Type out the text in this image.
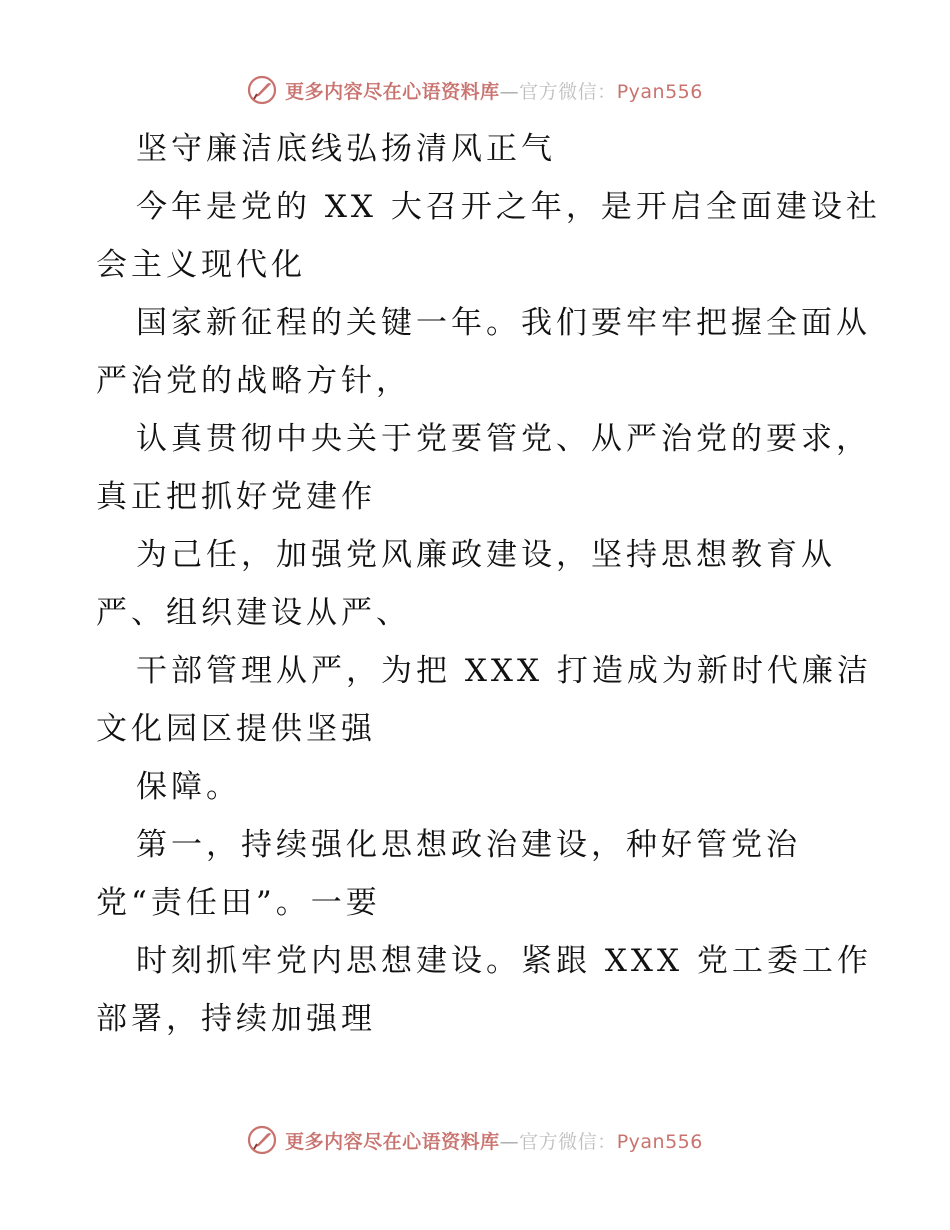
更多内容尽在心语资料库—官方微信：Pyan556
坚守廉洁底线弘扬清风正气
今年是党的 XX 大召开之年，是开启全面建设社
会主义现代化
国家新征程的关键一年。我们要牢牢把握全面从
严治党的战略方针，
认真贯彻中央关于党要管党、从严治党的要求，
真正把抓好党建作
为己任，加强党风廉政建设，坚持思想教育从
严、组织建设从严、
干部管理从严，为把 XXX 打造成为新时代廉洁
文化园区提供坚强
保障。
第一，持续强化思想政治建设，种好管党治
党“责任田”。一要
时刻抓牢党内思想建设。紧跟 XXX 党工委工作
部署，持续加强理
更多内容尽在心语资料库—官方微信：Pyan556
